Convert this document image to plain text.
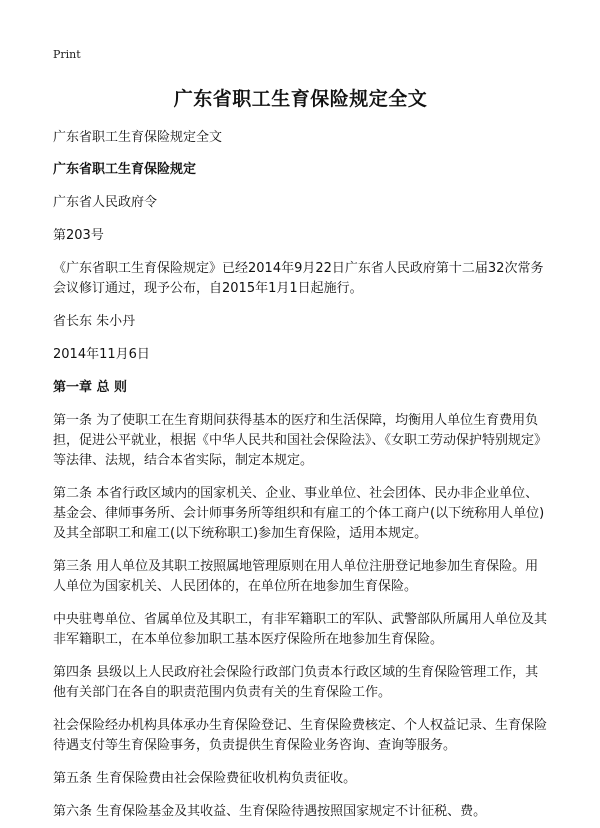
Print

广东省职工生育保险规定全文

广东省职工生育保险规定全文

广东省职工生育保险规定

广东省人民政府令

第203号

《广东省职工生育保险规定》已经2014年9月22日广东省人民政府第十二届32次常务会议修订通过，现予公布，自2015年1月1日起施行。

省长东 朱小丹

2014年11月6日

第一章 总 则

第一条 为了使职工在生育期间获得基本的医疗和生活保障，均衡用人单位生育费用负担，促进公平就业，根据《中华人民共和国社会保险法》、《女职工劳动保护特别规定》等法律、法规，结合本省实际，制定本规定。

第二条 本省行政区域内的国家机关、企业、事业单位、社会团体、民办非企业单位、基金会、律师事务所、会计师事务所等组织和有雇工的个体工商户(以下统称用人单位)及其全部职工和雇工(以下统称职工)参加生育保险，适用本规定。

第三条 用人单位及其职工按照属地管理原则在用人单位注册登记地参加生育保险。用人单位为国家机关、人民团体的，在单位所在地参加生育保险。

中央驻粤单位、省属单位及其职工，有非军籍职工的军队、武警部队所属用人单位及其非军籍职工，在本单位参加职工基本医疗保险所在地参加生育保险。

第四条 县级以上人民政府社会保险行政部门负责本行政区域的生育保险管理工作，其他有关部门在各自的职责范围内负责有关的生育保险工作。

社会保险经办机构具体承办生育保险登记、生育保险费核定、个人权益记录、生育保险待遇支付等生育保险事务，负责提供生育保险业务咨询、查询等服务。

第五条 生育保险费由社会保险费征收机构负责征收。

第六条 生育保险基金及其收益、生育保险待遇按照国家规定不计征税、费。
